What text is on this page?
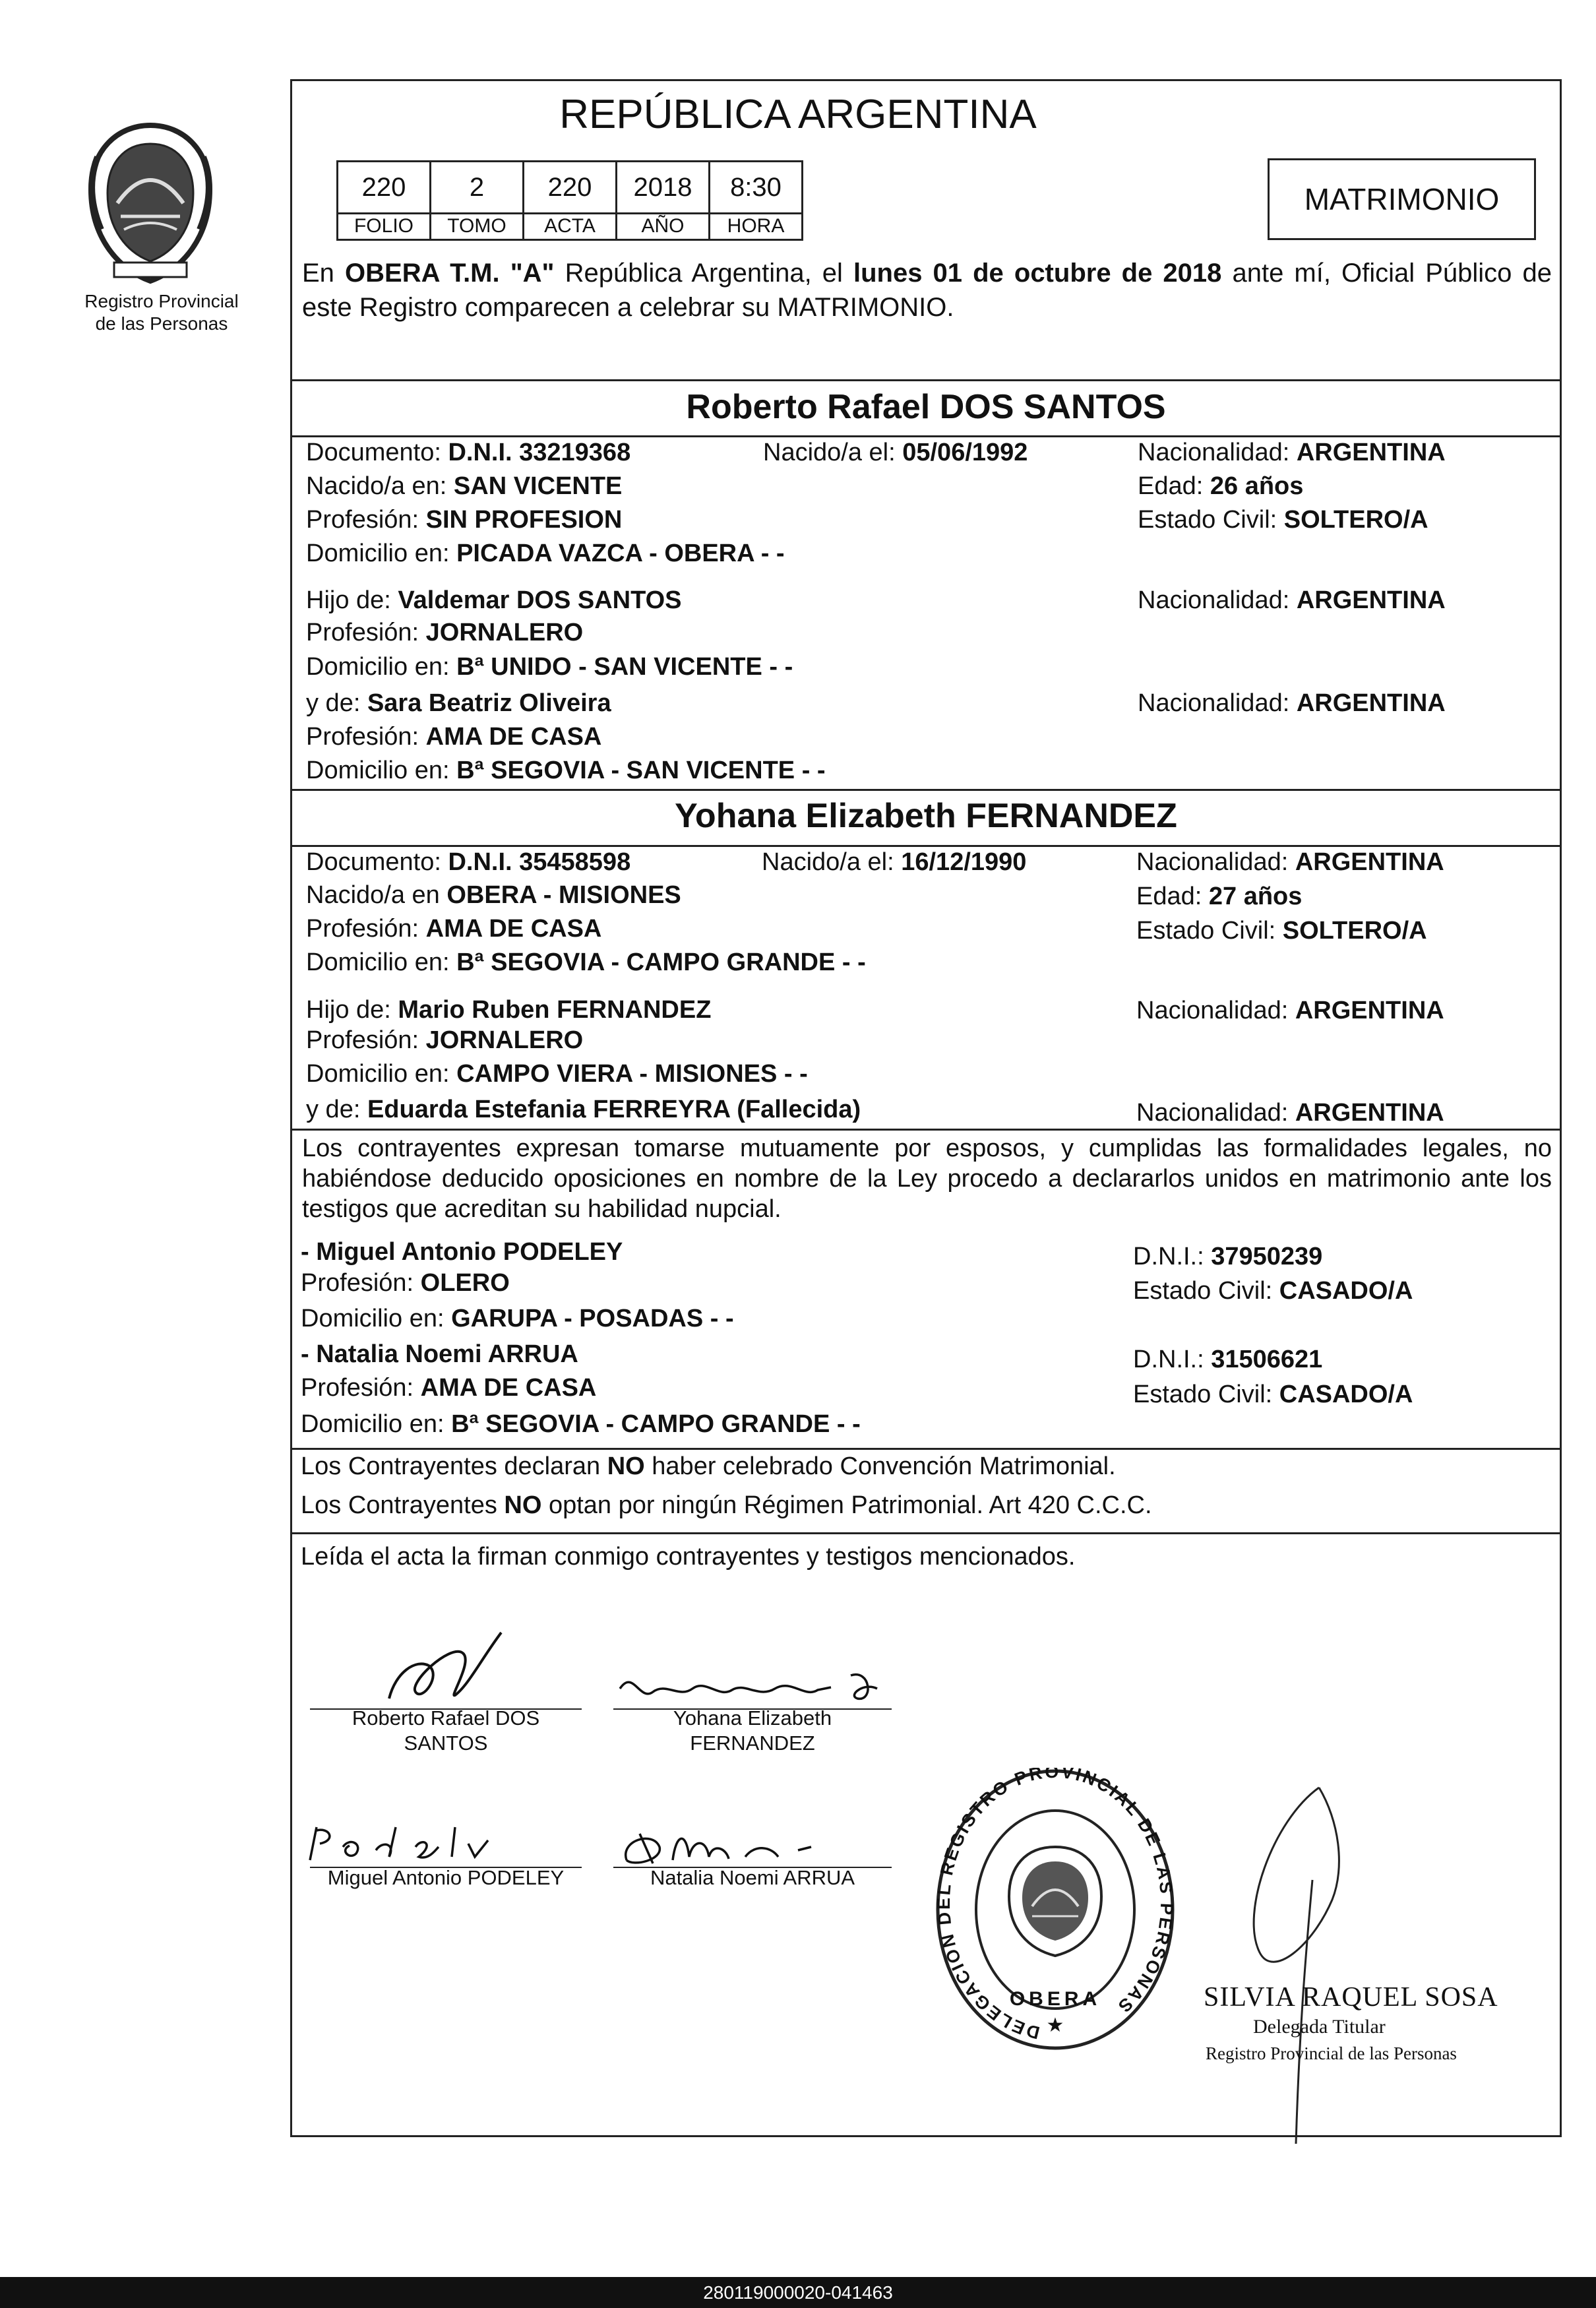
Registro Provincial
de las Personas
REPÚBLICA ARGENTINA
220	2	220	2018	8:30
FOLIO	TOMO	ACTA	AÑO	HORA
MATRIMONIO
En OBERA T.M. "A" República Argentina, el lunes 01 de octubre de 2018 ante mí, Oficial Público de este Registro comparecen a celebrar su MATRIMONIO.
Roberto Rafael DOS SANTOS
Documento: D.N.I. 33219368	Nacido/a el: 05/06/1992	Nacionalidad: ARGENTINA
Nacido/a en: SAN VICENTE	Edad: 26 años
Profesión: SIN PROFESION	Estado Civil: SOLTERO/A
Domicilio en: PICADA VAZCA - OBERA - -
Hijo de: Valdemar DOS SANTOS	Nacionalidad: ARGENTINA
Profesión: JORNALERO
Domicilio en: Bª UNIDO - SAN VICENTE - -
y de: Sara Beatriz Oliveira	Nacionalidad: ARGENTINA
Profesión: AMA DE CASA
Domicilio en: Bª SEGOVIA - SAN VICENTE - -
Yohana Elizabeth FERNANDEZ
Documento: D.N.I. 35458598	Nacido/a el: 16/12/1990	Nacionalidad: ARGENTINA
Nacido/a en OBERA - MISIONES	Edad: 27 años
Profesión: AMA DE CASA	Estado Civil: SOLTERO/A
Domicilio en: Bª SEGOVIA - CAMPO GRANDE - -
Hijo de: Mario Ruben FERNANDEZ	Nacionalidad: ARGENTINA
Profesión: JORNALERO
Domicilio en: CAMPO VIERA - MISIONES - -
y de: Eduarda Estefania FERREYRA (Fallecida)	Nacionalidad: ARGENTINA
Los contrayentes expresan tomarse mutuamente por esposos, y cumplidas las formalidades legales, no habiéndose deducido oposiciones en nombre de la Ley procedo a declararlos unidos en matrimonio ante los testigos que acreditan su habilidad nupcial.
- Miguel Antonio PODELEY	D.N.I.: 37950239
Profesión: OLERO	Estado Civil: CASADO/A
Domicilio en: GARUPA - POSADAS - -
- Natalia Noemi ARRUA	D.N.I.: 31506621
Profesión: AMA DE CASA	Estado Civil: CASADO/A
Domicilio en: Bª SEGOVIA - CAMPO GRANDE - -
Los Contrayentes declaran NO haber celebrado Convención Matrimonial.
Los Contrayentes NO optan por ningún Régimen Patrimonial. Art 420 C.C.C.
Leída el acta la firman conmigo contrayentes y testigos mencionados.
Roberto Rafael DOS
SANTOS
Yohana Elizabeth
FERNANDEZ
Miguel Antonio PODELEY	Natalia Noemi ARRUA
DELEGACION DEL REGISTRO PROVINCIAL DE LAS PERSONAS
OBERA
★
SILVIA RAQUEL SOSA
Delegada Titular
Registro Provincial de las Personas
280119000020-041463
